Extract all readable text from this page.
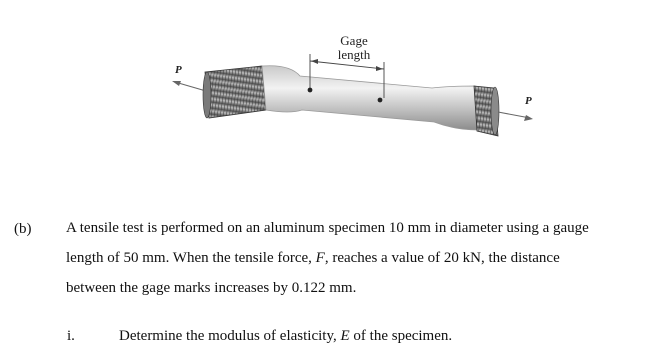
Gage
length
P
P
(b) A tensile test is performed on an aluminum specimen 10 mm in diameter using a gauge
length of 50 mm. When the tensile force, F, reaches a value of 20 kN, the distance
between the gage marks increases by 0.122 mm.
i.	Determine the modulus of elasticity, E of the specimen.
